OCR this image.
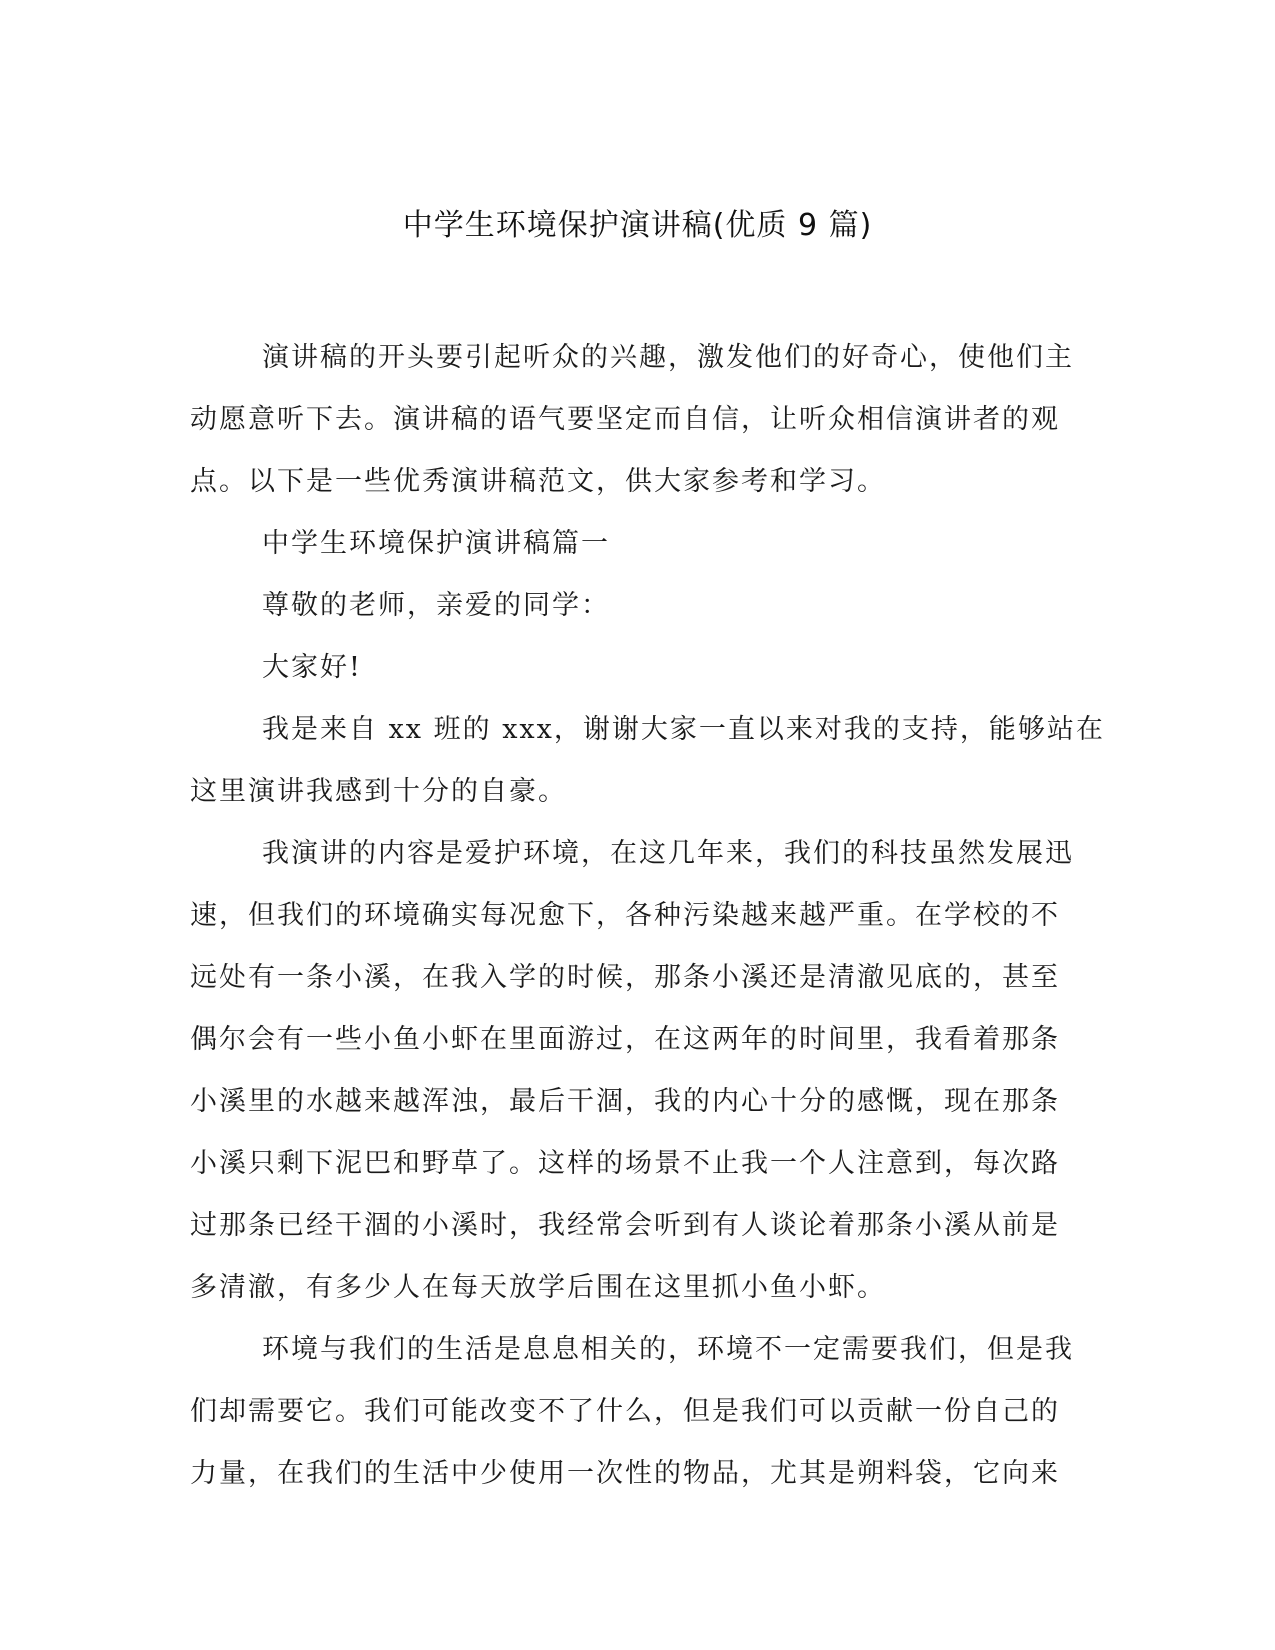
中学生环境保护演讲稿(优质 9 篇)
演讲稿的开头要引起听众的兴趣，激发他们的好奇心，使他们主
动愿意听下去。演讲稿的语气要坚定而自信，让听众相信演讲者的观
点。以下是一些优秀演讲稿范文，供大家参考和学习。
中学生环境保护演讲稿篇一
尊敬的老师，亲爱的同学：
大家好!
我是来自 xx 班的 xxx，谢谢大家一直以来对我的支持，能够站在
这里演讲我感到十分的自豪。
我演讲的内容是爱护环境，在这几年来，我们的科技虽然发展迅
速，但我们的环境确实每况愈下，各种污染越来越严重。在学校的不
远处有一条小溪，在我入学的时候，那条小溪还是清澈见底的，甚至
偶尔会有一些小鱼小虾在里面游过，在这两年的时间里，我看着那条
小溪里的水越来越浑浊，最后干涸，我的内心十分的感慨，现在那条
小溪只剩下泥巴和野草了。这样的场景不止我一个人注意到，每次路
过那条已经干涸的小溪时，我经常会听到有人谈论着那条小溪从前是
多清澈，有多少人在每天放学后围在这里抓小鱼小虾。
环境与我们的生活是息息相关的，环境不一定需要我们，但是我
们却需要它。我们可能改变不了什么，但是我们可以贡献一份自己的
力量，在我们的生活中少使用一次性的物品，尤其是朔料袋，它向来
